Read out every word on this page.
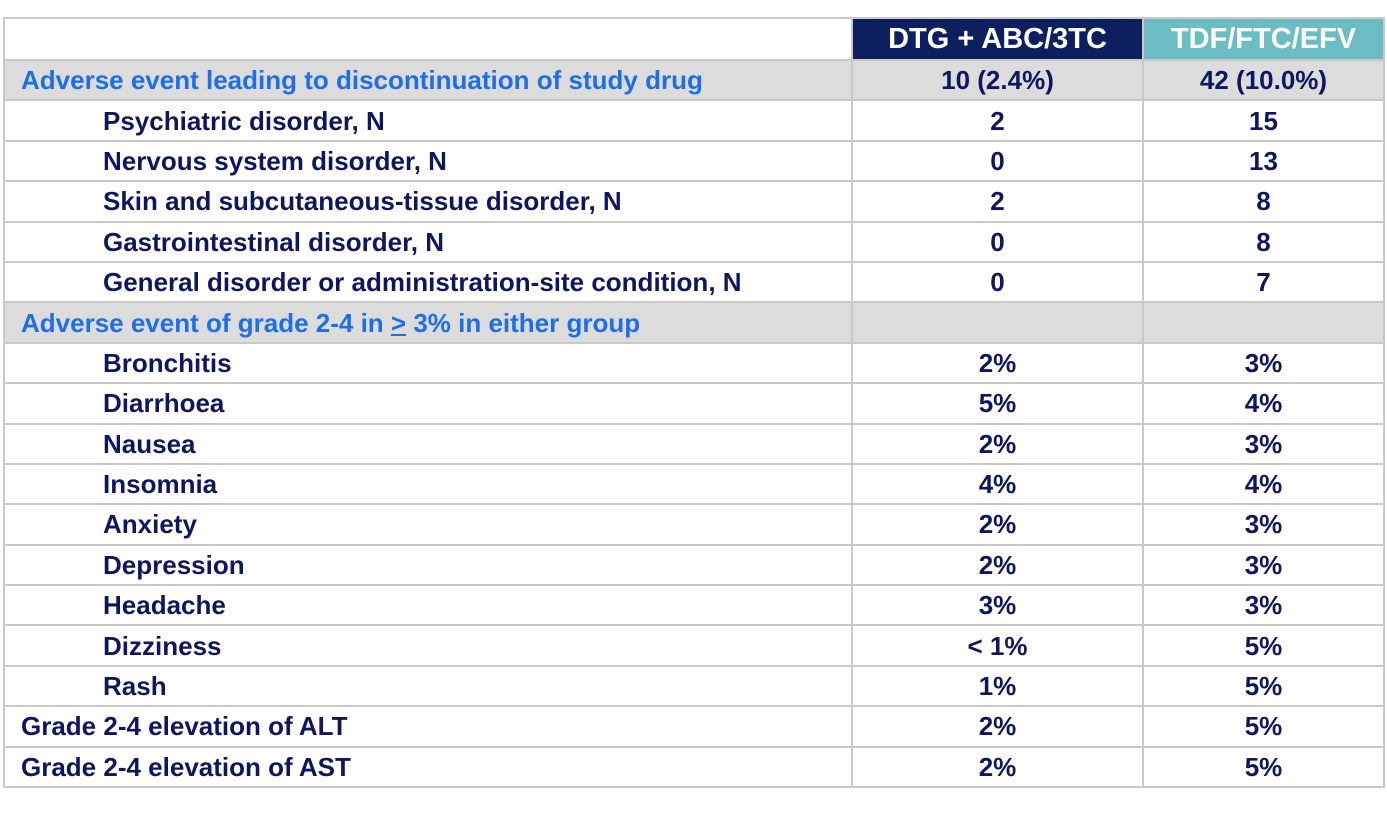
	DTG + ABC/3TC	TDF/FTC/EFV
Adverse event leading to discontinuation of study drug	10 (2.4%)	42 (10.0%)
Psychiatric disorder, N	2	15
Nervous system disorder, N	0	13
Skin and subcutaneous-tissue disorder, N	2	8
Gastrointestinal disorder, N	0	8
General disorder or administration-site condition, N	0	7
Adverse event of grade 2-4 in ≥ 3% in either group		
Bronchitis	2%	3%
Diarrhoea	5%	4%
Nausea	2%	3%
Insomnia	4%	4%
Anxiety	2%	3%
Depression	2%	3%
Headache	3%	3%
Dizziness	< 1%	5%
Rash	1%	5%
Grade 2-4 elevation of ALT	2%	5%
Grade 2-4 elevation of AST	2%	5%
